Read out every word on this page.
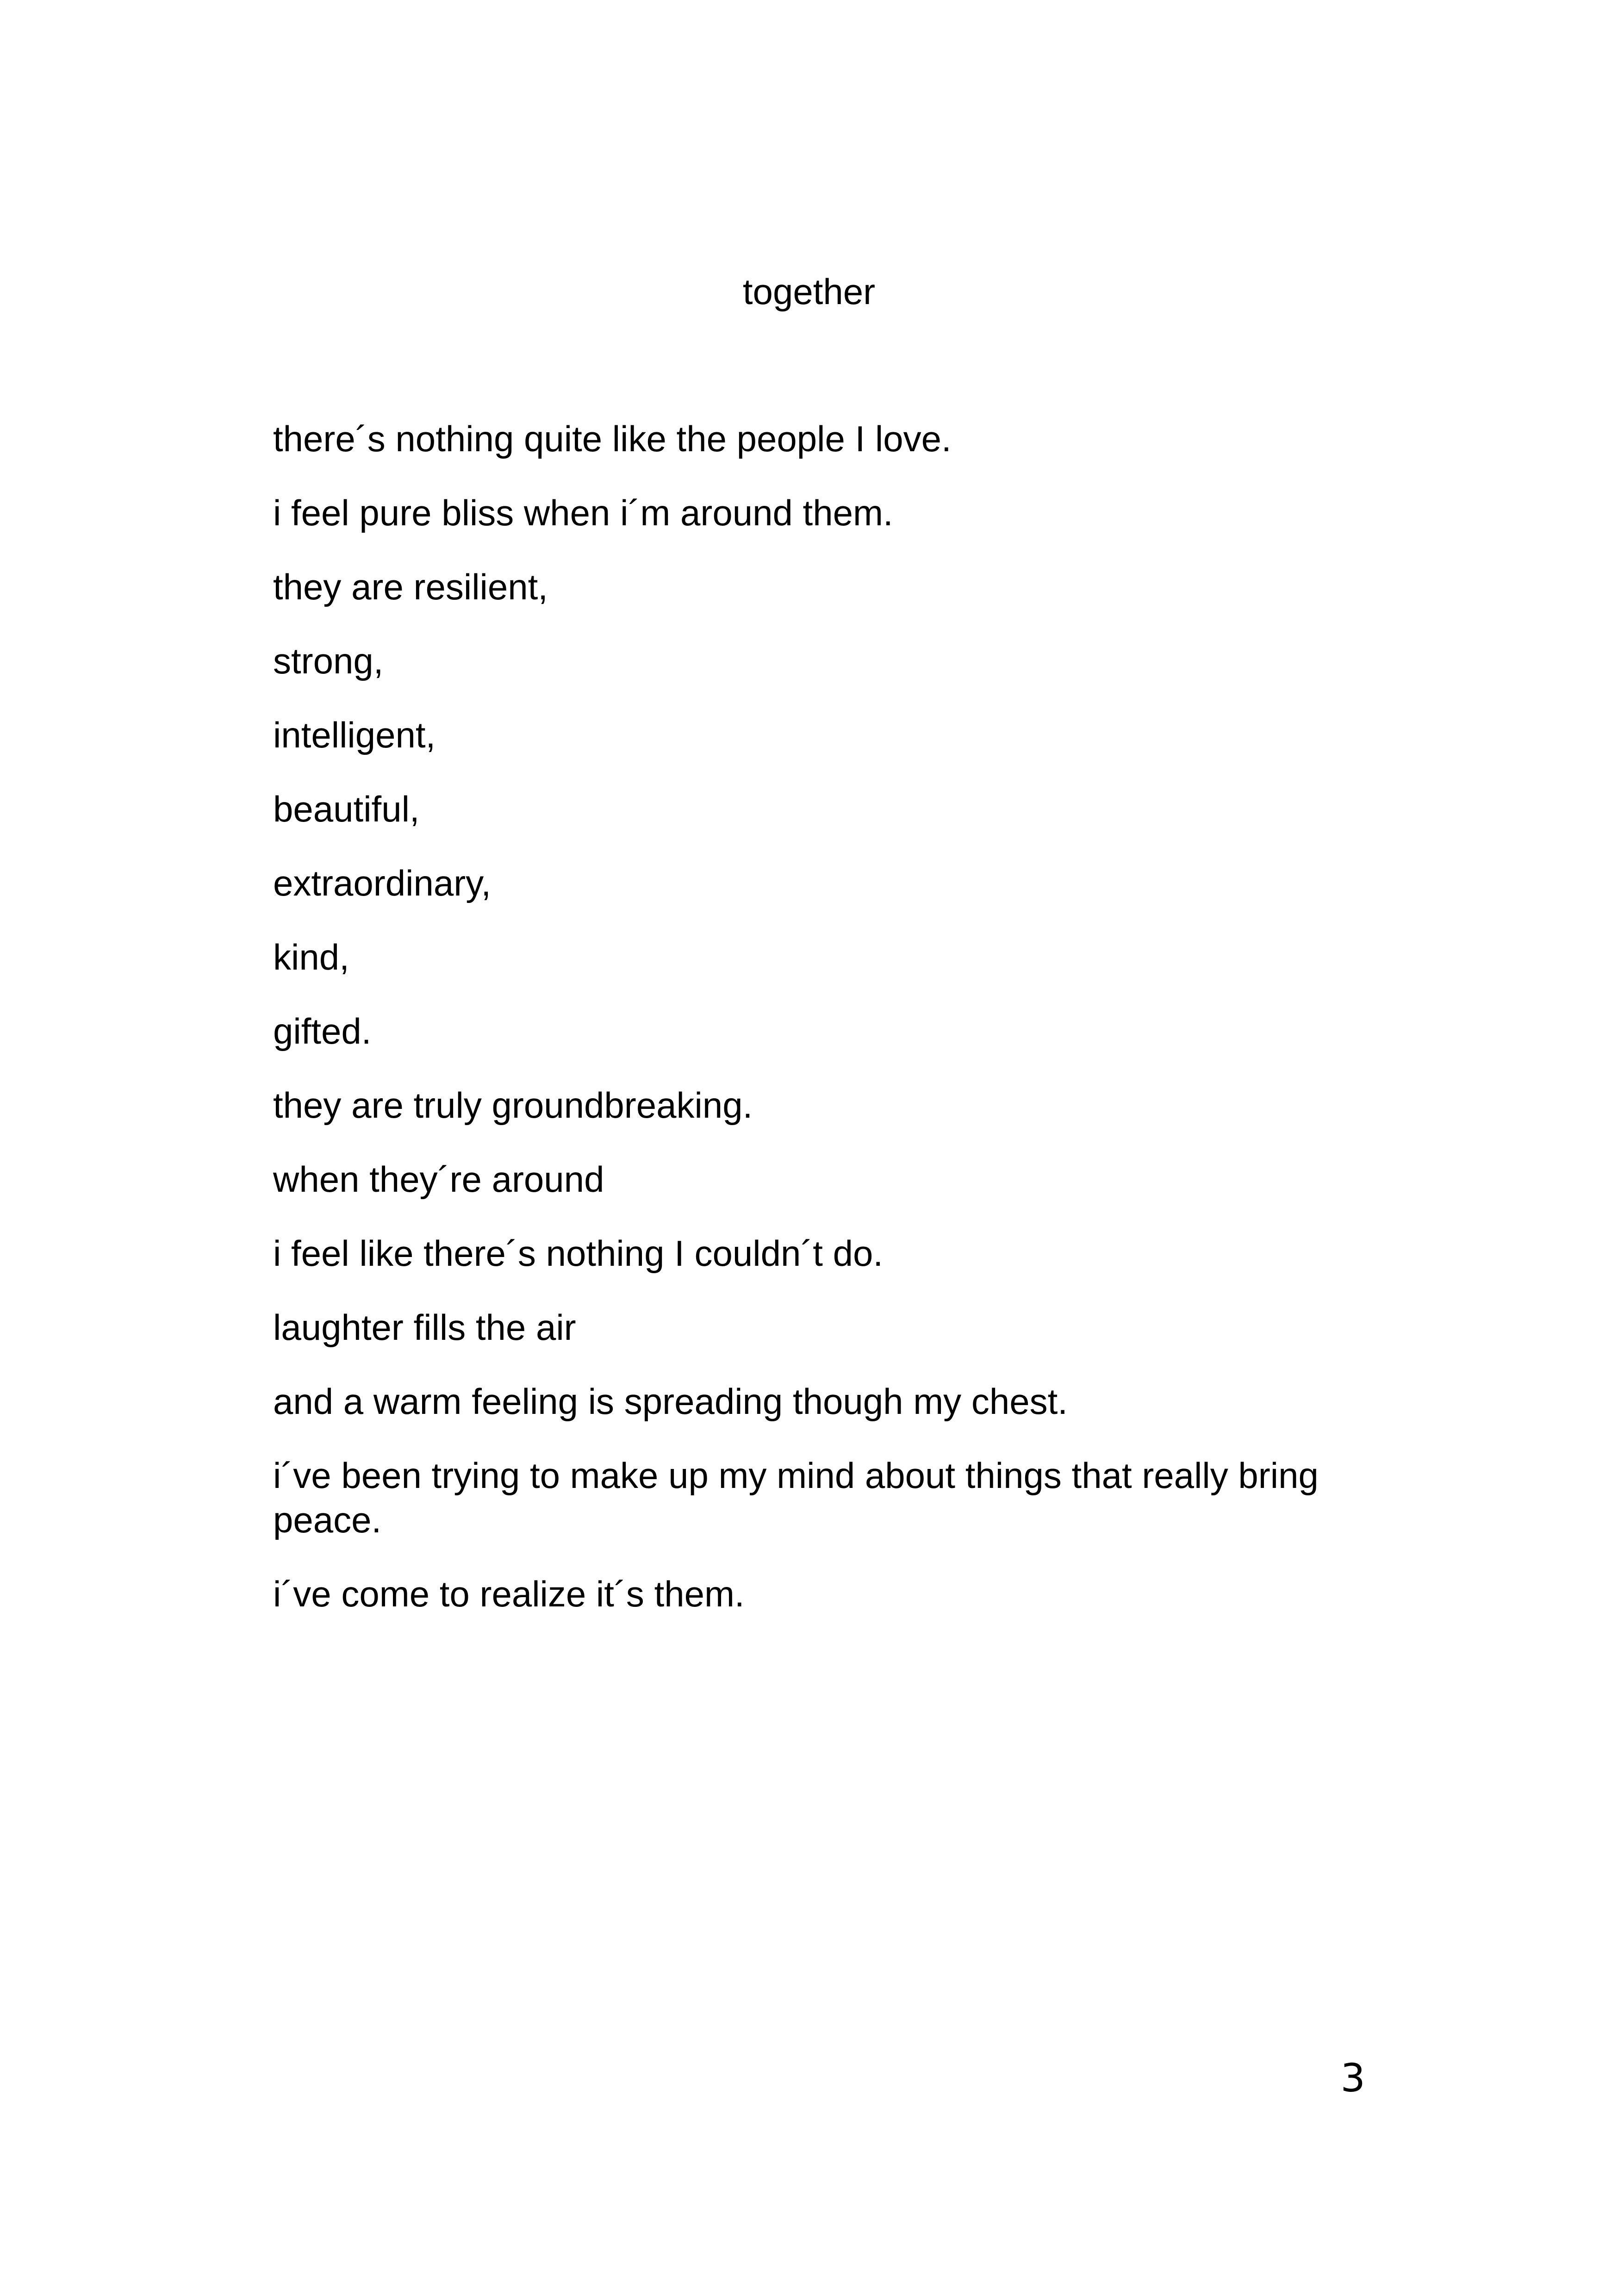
together
there´s nothing quite like the people I love.
i feel pure bliss when i´m around them.
they are resilient,
strong,
intelligent,
beautiful,
extraordinary,
kind,
gifted.
they are truly groundbreaking.
when they´re around
i feel like there´s nothing I couldn´t do.
laughter fills the air
and a warm feeling is spreading though my chest.
i´ve been trying to make up my mind about things that really bring peace.
i´ve come to realize it´s them.
3
